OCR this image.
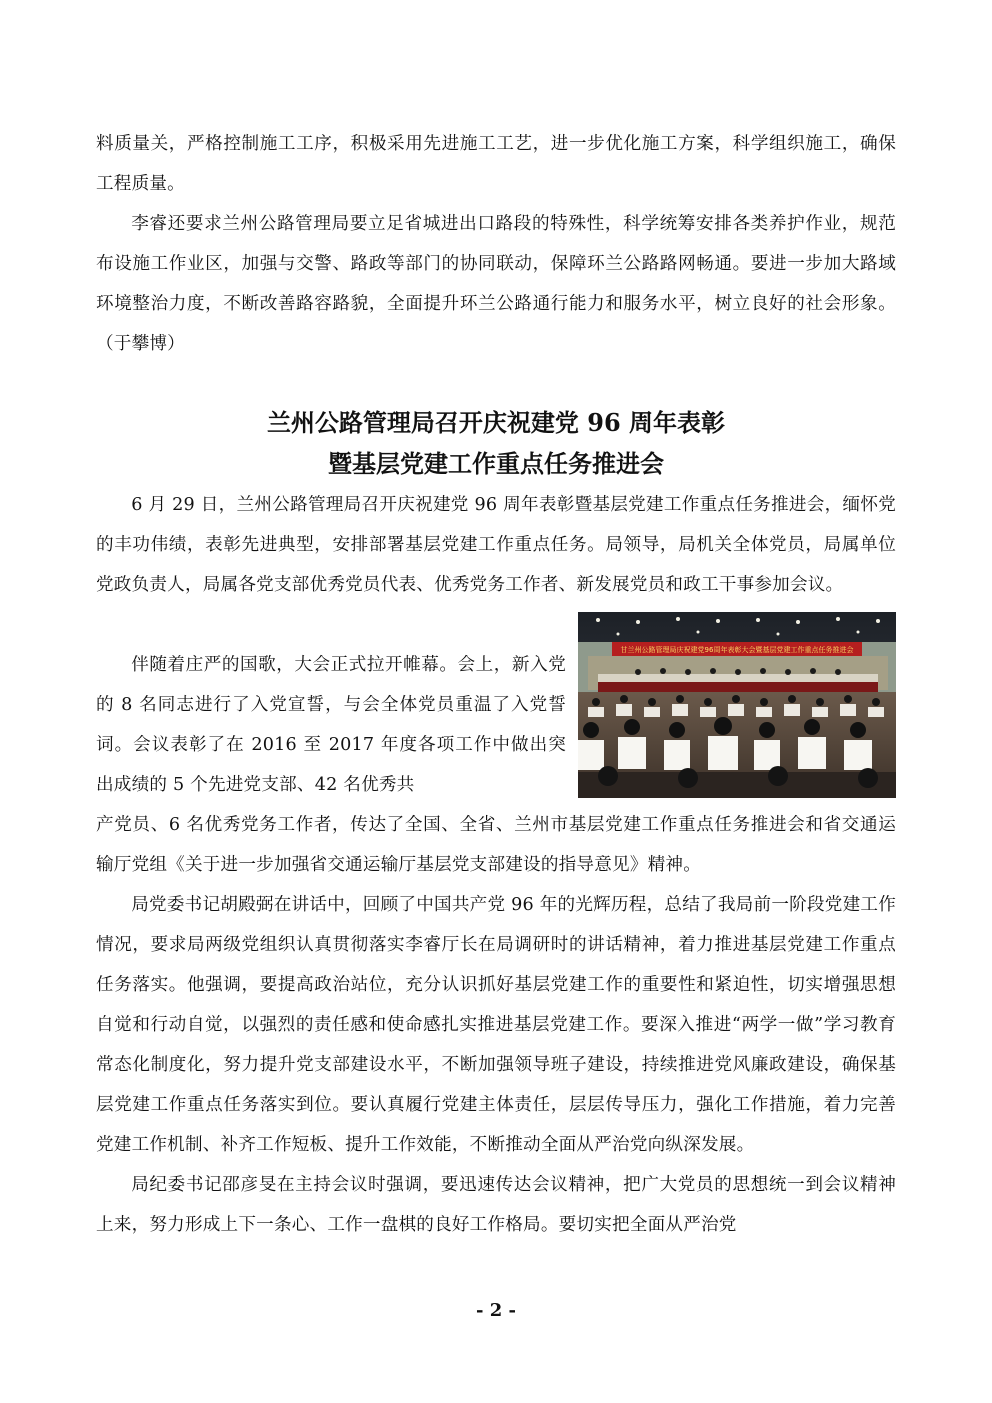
料质量关，严格控制施工工序，积极采用先进施工工艺，进一步优化施工方案，科学组织施工，确保工程质量。

李睿还要求兰州公路管理局要立足省城进出口路段的特殊性，科学统筹安排各类养护作业，规范布设施工作业区，加强与交警、路政等部门的协同联动，保障环兰公路路网畅通。要进一步加大路域环境整治力度，不断改善路容路貌，全面提升环兰公路通行能力和服务水平，树立良好的社会形象。（于攀博）

兰州公路管理局召开庆祝建党 96 周年表彰
暨基层党建工作重点任务推进会

6 月 29 日，兰州公路管理局召开庆祝建党 96 周年表彰暨基层党建工作重点任务推进会，缅怀党的丰功伟绩，表彰先进典型，安排部署基层党建工作重点任务。局领导，局机关全体党员，局属单位党政负责人，局属各党支部优秀党员代表、优秀党务工作者、新发展党员和政工干事参加会议。

甘兰州公路管理局庆祝建党96周年表彰大会暨基层党建工作重点任务推进会

伴随着庄严的国歌，大会正式拉开帷幕。会上，新入党的 8 名同志进行了入党宣誓，与会全体党员重温了入党誓词。会议表彰了在 2016 至 2017 年度各项工作中做出突出成绩的 5 个先进党支部、42 名优秀共

产党员、6 名优秀党务工作者，传达了全国、全省、兰州市基层党建工作重点任务推进会和省交通运输厅党组《关于进一步加强省交通运输厅基层党支部建设的指导意见》精神。

局党委书记胡殿弼在讲话中，回顾了中国共产党 96 年的光辉历程，总结了我局前一阶段党建工作情况，要求局两级党组织认真贯彻落实李睿厅长在局调研时的讲话精神，着力推进基层党建工作重点任务落实。他强调，要提高政治站位，充分认识抓好基层党建工作的重要性和紧迫性，切实增强思想自觉和行动自觉，以强烈的责任感和使命感扎实推进基层党建工作。要深入推进“两学一做”学习教育常态化制度化，努力提升党支部建设水平，不断加强领导班子建设，持续推进党风廉政建设，确保基层党建工作重点任务落实到位。要认真履行党建主体责任，层层传导压力，强化工作措施，着力完善党建工作机制、补齐工作短板、提升工作效能，不断推动全面从严治党向纵深发展。

局纪委书记邵彦旻在主持会议时强调，要迅速传达会议精神，把广大党员的思想统一到会议精神上来，努力形成上下一条心、工作一盘棋的良好工作格局。要切实把全面从严治党

- 2 -
